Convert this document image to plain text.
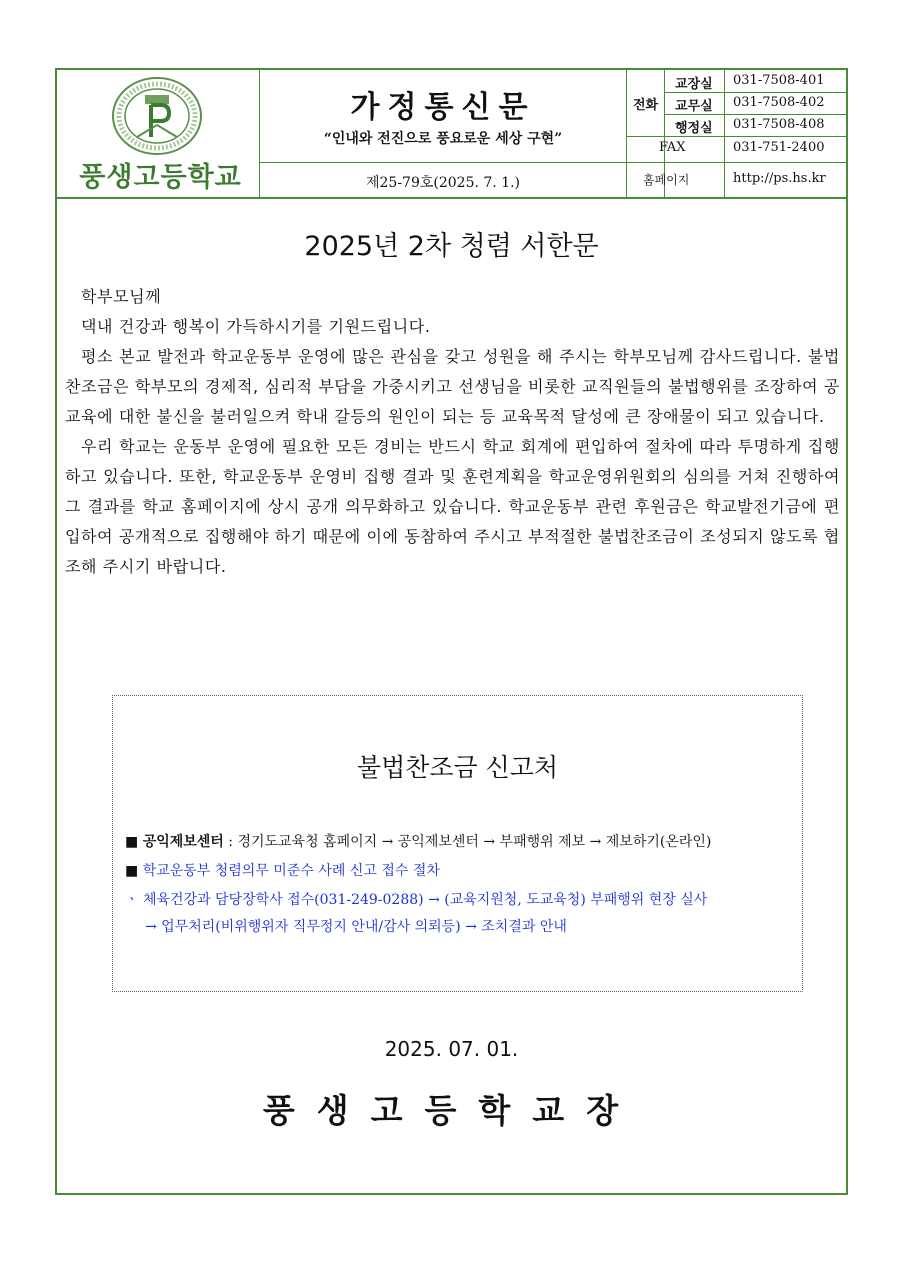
풍생고등학교
가정통신문
“인내와 전진으로 풍요로운 세상 구현”
제25-79호(2025. 7. 1.)
전화
교장실 031-7508-401
교무실 031-7508-402
행정실 031-7508-408
FAX	031-751-2400
홈페이지	http://ps.hs.kr
2025년 2차 청렴 서한문

학부모님께

댁내 건강과 행복이 가득하시기를 기원드립니다.

평소 본교 발전과 학교운동부 운영에 많은 관심을 갖고 성원을 해 주시는 학부모님께 감사드립니다. 불법찬조금은 학부모의 경제적, 심리적 부담을 가중시키고 선생님을 비롯한 교직원들의 불법행위를 조장하여 공교육에 대한 불신을 불러일으켜 학내 갈등의 원인이 되는 등 교육목적 달성에 큰 장애물이 되고 있습니다.

우리 학교는 운동부 운영에 필요한 모든 경비는 반드시 학교 회계에 편입하여 절차에 따라 투명하게 집행하고 있습니다. 또한, 학교운동부 운영비 집행 결과 및 훈련계획을 학교운영위원회의 심의를 거쳐 진행하여 그 결과를 학교 홈페이지에 상시 공개 의무화하고 있습니다. 학교운동부 관련 후원금은 학교발전기금에 편입하여 공개적으로 집행해야 하기 때문에 이에 동참하여 주시고 부적절한 불법찬조금이 조성되지 않도록 협조해 주시기 바랍니다.

불법찬조금 신고처
■ 공익제보센터 : 경기도교육청 홈페이지 → 공익제보센터 → 부패행위 제보 → 제보하기(온라인)
■ 학교운동부 청렴의무 미준수 사례 신고 접수 절차
ㆍ 체육건강과 담당장학사 접수(031-249-0288) → (교육지원청, 도교육청) 부패행위 현장 실사
→ 업무처리(비위행위자 직무정지 안내/감사 의뢰등) → 조치결과 안내
2025. 07. 01.
풍생고등학교장
